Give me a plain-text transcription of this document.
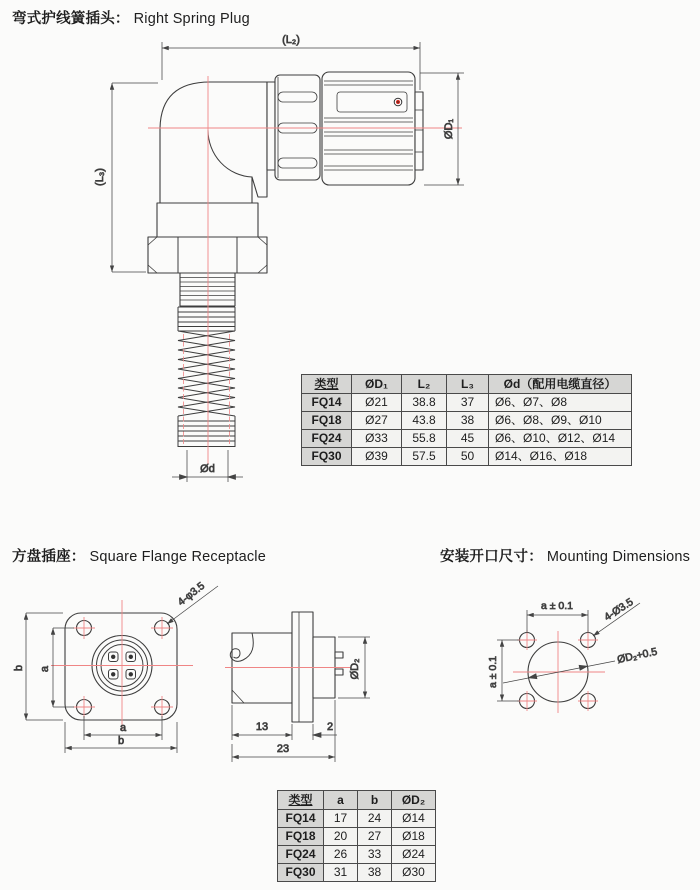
弯式护线簧插头： Right Spring Plug
(L₂)
(L₃)
ØD₁
Ød
类型	ØD₁	L₂	L₃	Ød（配用电缆直径）
FQ14	Ø21	38.8	37	Ø6、Ø7、Ø8
FQ18	Ø27	43.8	38	Ø6、Ø8、Ø9、Ø10
FQ24	Ø33	55.8	45	Ø6、Ø10、Ø12、Ø14
FQ30	Ø39	57.5	50	Ø14、Ø16、Ø18
方盘插座： Square Flange Receptacle	安装开口尺寸： Mounting Dimensions
4-φ3.5
b a
a
b
ØD₂
13	2
23
a ± 0.1
a ± 0.1
4-Ø3.5
ØD₂+0.5
类型	a	b	ØD₂
FQ14	17	24	Ø14
FQ18	20	27	Ø18
FQ24	26	33	Ø24
FQ30	31	38	Ø30
